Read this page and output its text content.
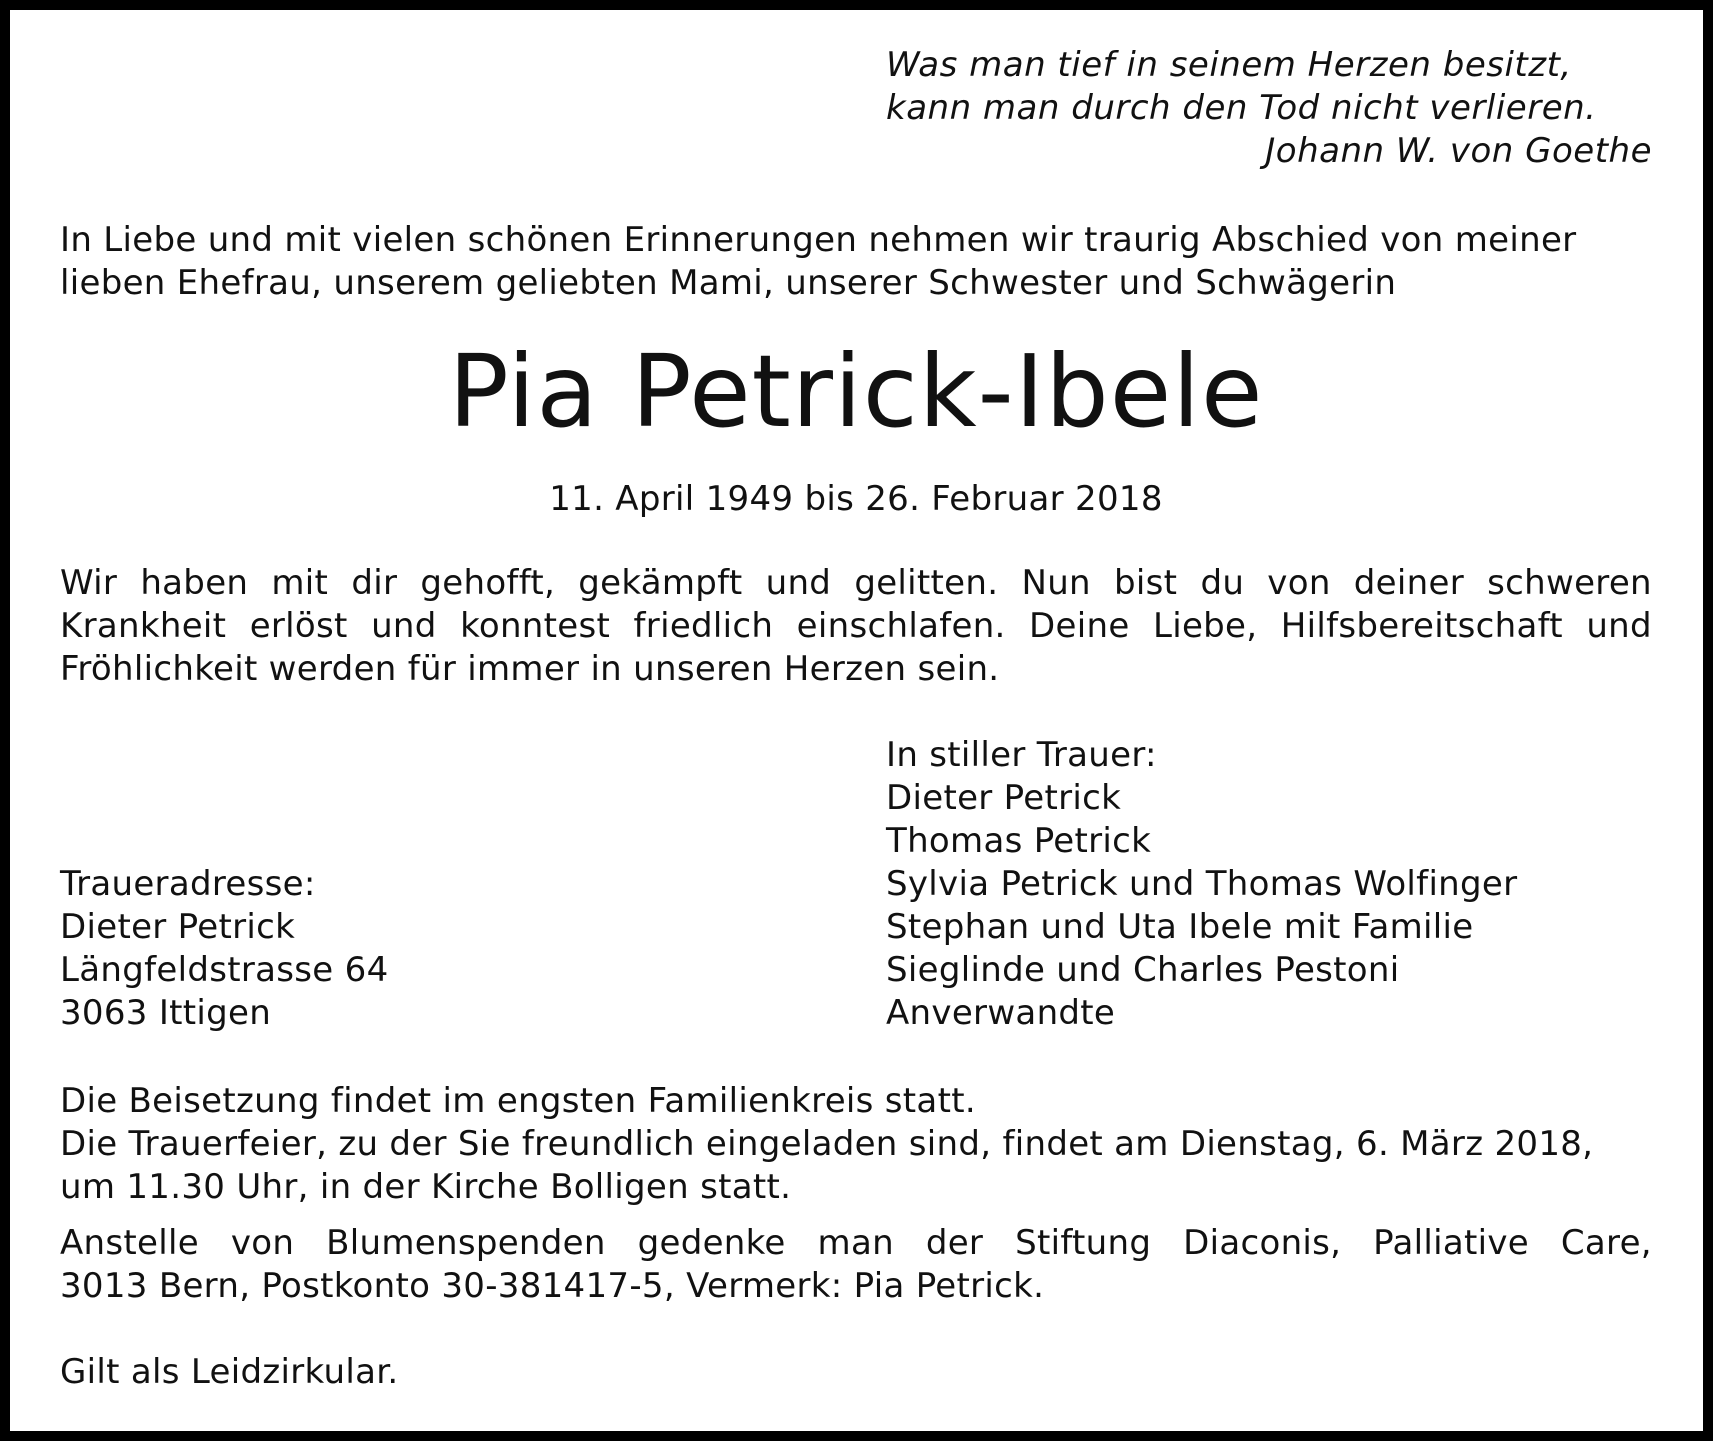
Was man tief in seinem Herzen besitzt,
kann man durch den Tod nicht verlieren.
Johann W. von Goethe
In Liebe und mit vielen schönen Erinnerungen nehmen wir traurig Abschied von meiner
lieben Ehefrau, unserem geliebten Mami, unserer Schwester und Schwägerin
Pia Petrick-Ibele
11. April 1949 bis 26. Februar 2018
Wir haben mit dir gehofft, gekämpft und gelitten. Nun bist du von deiner schweren
Krankheit erlöst und konntest friedlich einschlafen. Deine Liebe, Hilfsbereitschaft und
Fröhlichkeit werden für immer in unseren Herzen sein.
In stiller Trauer:
Dieter Petrick
Thomas Petrick
Sylvia Petrick und Thomas Wolfinger
Stephan und Uta Ibele mit Familie
Sieglinde und Charles Pestoni
Anverwandte
Traueradresse:
Dieter Petrick
Längfeldstrasse 64
3063 Ittigen
Die Beisetzung findet im engsten Familienkreis statt.
Die Trauerfeier, zu der Sie freundlich eingeladen sind, findet am Dienstag, 6. März 2018,
um 11.30 Uhr, in der Kirche Bolligen statt.
Anstelle von Blumenspenden gedenke man der Stiftung Diaconis, Palliative Care,
3013 Bern, Postkonto 30-381417-5, Vermerk: Pia Petrick.
Gilt als Leidzirkular.
